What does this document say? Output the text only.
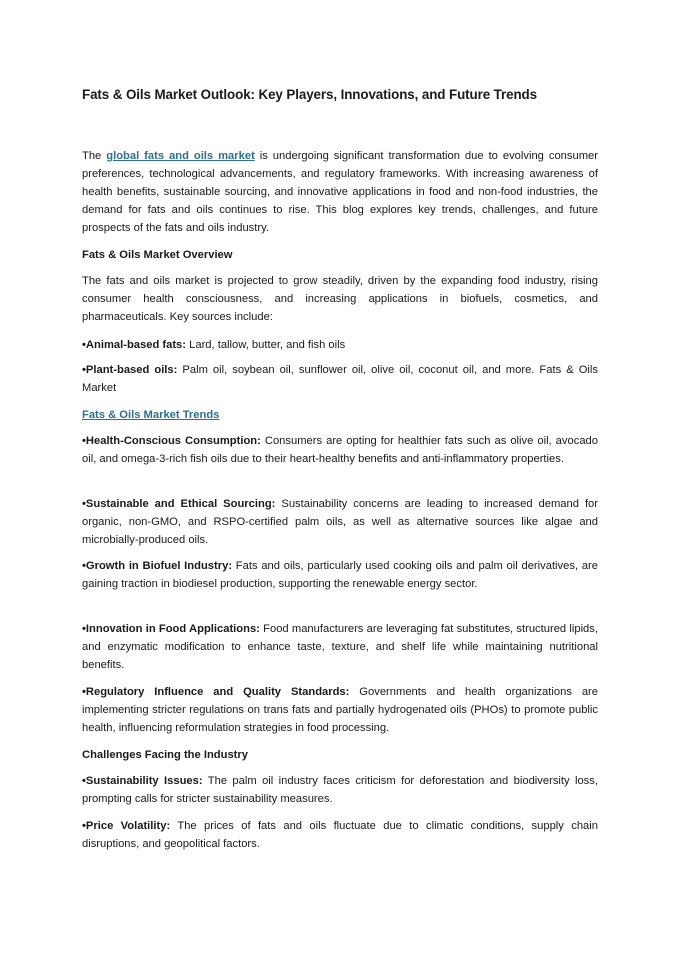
Fats & Oils Market Outlook: Key Players, Innovations, and Future Trends

The global fats and oils market is undergoing significant transformation due to evolving consumer preferences, technological advancements, and regulatory frameworks. With increasing awareness of health benefits, sustainable sourcing, and innovative applications in food and non-food industries, the demand for fats and oils continues to rise. This blog explores key trends, challenges, and future prospects of the fats and oils industry.

Fats & Oils Market Overview

The fats and oils market is projected to grow steadily, driven by the expanding food industry, rising consumer health consciousness, and increasing applications in biofuels, cosmetics, and pharmaceuticals. Key sources include:

•Animal-based fats: Lard, tallow, butter, and fish oils

•Plant-based oils: Palm oil, soybean oil, sunflower oil, olive oil, coconut oil, and more. Fats & Oils Market

Fats & Oils Market Trends

•Health-Conscious Consumption: Consumers are opting for healthier fats such as olive oil, avocado oil, and omega-3-rich fish oils due to their heart-healthy benefits and anti-inflammatory properties.

•Sustainable and Ethical Sourcing: Sustainability concerns are leading to increased demand for organic, non-GMO, and RSPO-certified palm oils, as well as alternative sources like algae and microbially-produced oils.

•Growth in Biofuel Industry: Fats and oils, particularly used cooking oils and palm oil derivatives, are gaining traction in biodiesel production, supporting the renewable energy sector.

•Innovation in Food Applications: Food manufacturers are leveraging fat substitutes, structured lipids, and enzymatic modification to enhance taste, texture, and shelf life while maintaining nutritional benefits.

•Regulatory Influence and Quality Standards: Governments and health organizations are implementing stricter regulations on trans fats and partially hydrogenated oils (PHOs) to promote public health, influencing reformulation strategies in food processing.

Challenges Facing the Industry

•Sustainability Issues: The palm oil industry faces criticism for deforestation and biodiversity loss, prompting calls for stricter sustainability measures.

•Price Volatility: The prices of fats and oils fluctuate due to climatic conditions, supply chain disruptions, and geopolitical factors.
